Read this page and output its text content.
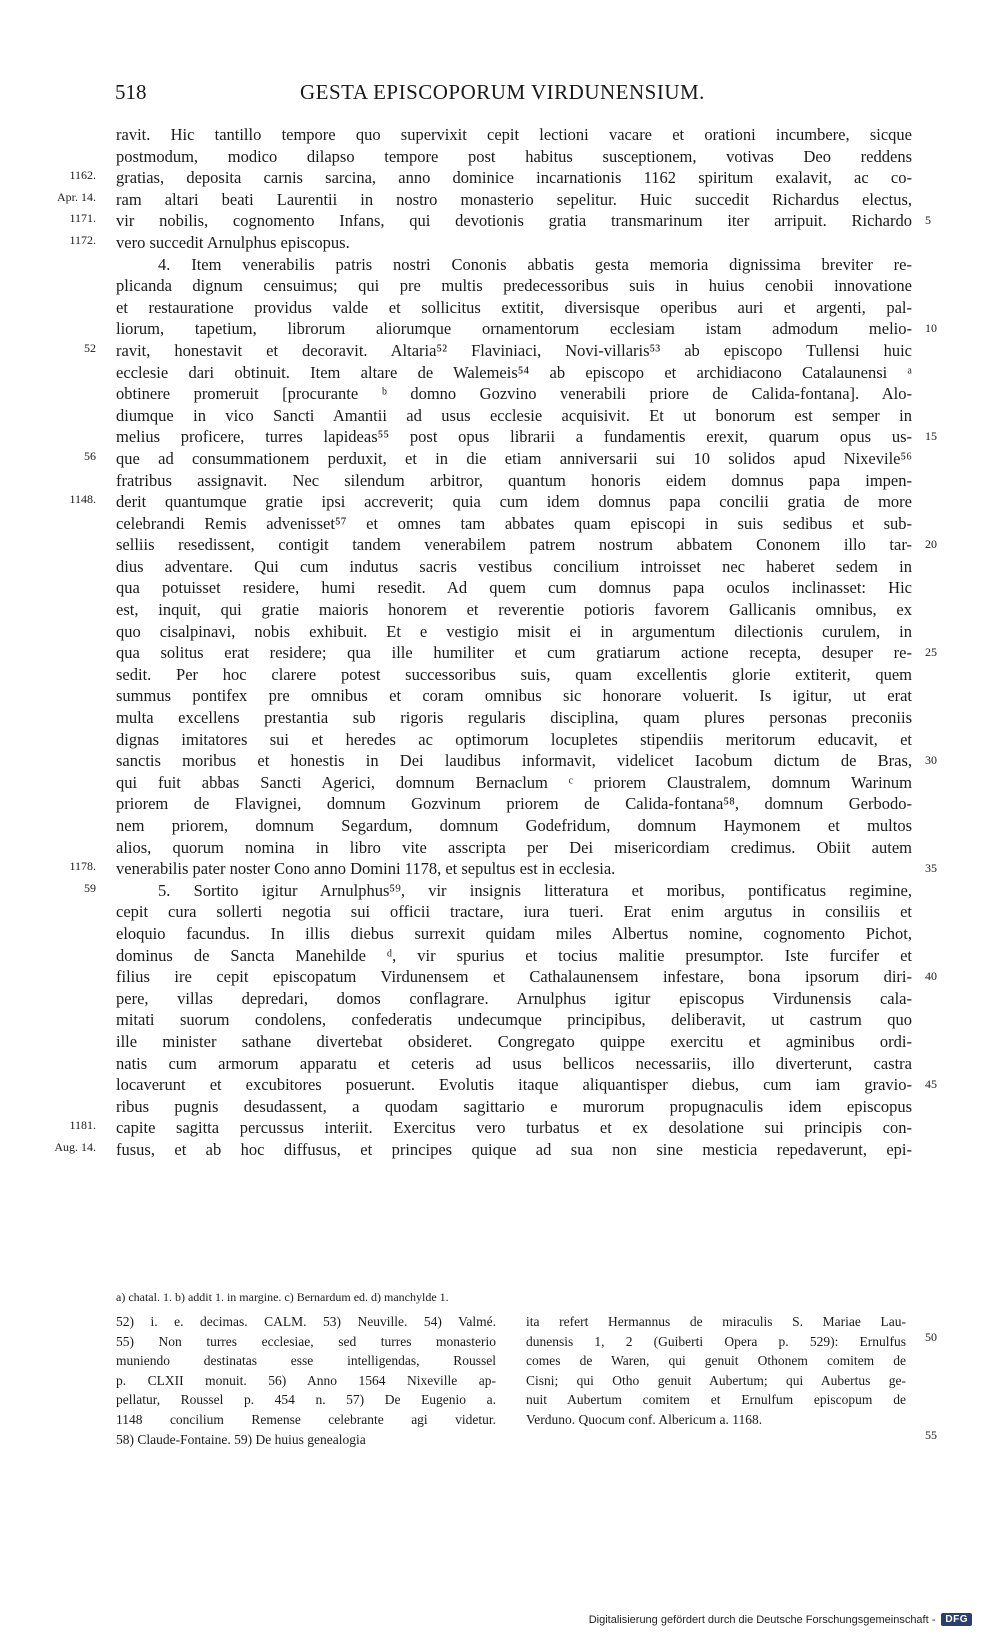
518	GESTA EPISCOPORUM VIRDUNENSIUM.
ravit. Hic tantillo tempore quo supervixit cepit lectioni vacare et orationi incumbere, sicque
postmodum, modico dilapso tempore post habitus susceptionem, votivas Deo reddens
1162. gratias, deposita carnis sarcina, anno dominice incarnationis 1162 spiritum exalavit, ac co-
Apr. 14. ram altari beati Laurentii in nostro monasterio sepelitur. Huic succedit Richardus electus,
1171. vir nobilis, cognomento Infans, qui devotionis gratia transmarinum iter arripuit. Richardo 5
1172. vero succedit Arnulphus episcopus.
4. Item venerabilis patris nostri Cononis abbatis gesta memoria dignissima breviter re-
plicanda dignum censuimus; qui pre multis predecessoribus suis in huius cenobii innovatione
et restauratione providus valde et sollicitus extitit, diversisque operibus auri et argenti, pal-
liorum, tapetium, librorum aliorumque ornamentorum ecclesiam istam admodum melio- 10
52 ravit, honestavit et decoravit. Altaria⁵² Flaviniaci, Novi-villaris⁵³ ab episcopo Tullensi huic
ecclesie dari obtinuit. Item altare de Walemeis⁵⁴ ab episcopo et archidiacono Catalaunensi ᵃ
obtinere promeruit [procurante ᵇ domno Gozvino venerabili priore de Calida-fontana]. Alo-
diumque in vico Sancti Amantii ad usus ecclesie acquisivit. Et ut bonorum est semper in
melius proficere, turres lapideas⁵⁵ post opus librarii a fundamentis erexit, quarum opus us- 15
56 que ad consummationem perduxit, et in die etiam anniversarii sui 10 solidos apud Nixevile⁵⁶
fratribus assignavit. Nec silendum arbitror, quantum honoris eidem domnus papa impen-
1148. derit quantumque gratie ipsi accreverit; quia cum idem domnus papa concilii gratia de more
celebrandi Remis advenisset⁵⁷ et omnes tam abbates quam episcopi in suis sedibus et sub-
selliis resedissent, contigit tandem venerabilem patrem nostrum abbatem Cononem illo tar- 20
dius adventare. Qui cum indutus sacris vestibus concilium introisset nec haberet sedem in
qua potuisset residere, humi resedit. Ad quem cum domnus papa oculos inclinasset: Hic
est, inquit, qui gratie maioris honorem et reverentie potioris favorem Gallicanis omnibus, ex
quo cisalpinavi, nobis exhibuit. Et e vestigio misit ei in argumentum dilectionis curulem, in
qua solitus erat residere; qua ille humiliter et cum gratiarum actione recepta, desuper re- 25
sedit. Per hoc clarere potest successoribus suis, quam excellentis glorie extiterit, quem
summus pontifex pre omnibus et coram omnibus sic honorare voluerit. Is igitur, ut erat
multa excellens prestantia sub rigoris regularis disciplina, quam plures personas preconiis
dignas imitatores sui et heredes ac optimorum locupletes stipendiis meritorum educavit, et
sanctis moribus et honestis in Dei laudibus informavit, videlicet Iacobum dictum de Bras, 30
qui fuit abbas Sancti Agerici, domnum Bernaclum ᶜ priorem Claustralem, domnum Warinum
priorem de Flavignei, domnum Gozvinum priorem de Calida-fontana⁵⁸, domnum Gerbodo-
nem priorem, domnum Segardum, domnum Godefridum, domnum Haymonem et multos
alios, quorum nomina in libro vite asscripta per Dei misericordiam credimus. Obiit autem
1178. venerabilis pater noster Cono anno Domini 1178, et sepultus est in ecclesia.	35
59	5. Sortito igitur Arnulphus⁵⁹, vir insignis litteratura et moribus, pontificatus regimine,
cepit cura sollerti negotia sui officii tractare, iura tueri. Erat enim argutus in consiliis et
eloquio facundus. In illis diebus surrexit quidam miles Albertus nomine, cognomento Pichot,
dominus de Sancta Manehilde ᵈ, vir spurius et tocius malitie presumptor. Iste furcifer et
filius ire cepit episcopatum Virdunensem et Cathalaunensem infestare, bona ipsorum diri- 40
pere, villas depredari, domos conflagrare. Arnulphus igitur episcopus Virdunensis cala-
mitati suorum condolens, confederatis undecumque principibus, deliberavit, ut castrum quo
ille minister sathane divertebat obsideret. Congregato quippe exercitu et agminibus ordi-
natis cum armorum apparatu et ceteris ad usus bellicos necessariis, illo diverterunt, castra
locaverunt et excubitores posuerunt. Evolutis itaque aliquantisper diebus, cum iam gravio- 45
ribus pugnis desudassent, a quodam sagittario e murorum propugnaculis idem episcopus
1181. capite sagitta percussus interiit. Exercitus vero turbatus et ex desolatione sui principis con-
Aug. 14. fusus, et ab hoc diffusus, et principes quique ad sua non sine mesticia repedaverunt, epi-
a) chatal. 1. b) addit 1. in margine. c) Bernardum ed. d) manchylde 1.
52) i. e. decimas. CALM. 53) Neuville. 54) Valmé.
55) Non turres ecclesiae, sed turres monasterio
muniendo destinatas esse intelligendas, Roussel
p. CLXII monuit. 56) Anno 1564 Nixeville ap-
pellatur, Roussel p. 454 n. 57) De Eugenio a.
1148 concilium Remense celebrante agi videtur.
58) Claude-Fontaine. 59) De huius genealogia
ita refert Hermannus de miraculis S. Mariae Lau-
dunensis 1, 2 (Guiberti Opera p. 529): Ernulfus
comes de Waren, qui genuit Othonem comitem de
Cisni; qui Otho genuit Aubertum; qui Aubertus ge-
nuit Aubertum comitem et Ernulfum episcopum de
Verduno. Quocum conf. Albericum a. 1168.
50
55
Digitalisierung gefördert durch die Deutsche Forschungsgemeinschaft -	DFG
